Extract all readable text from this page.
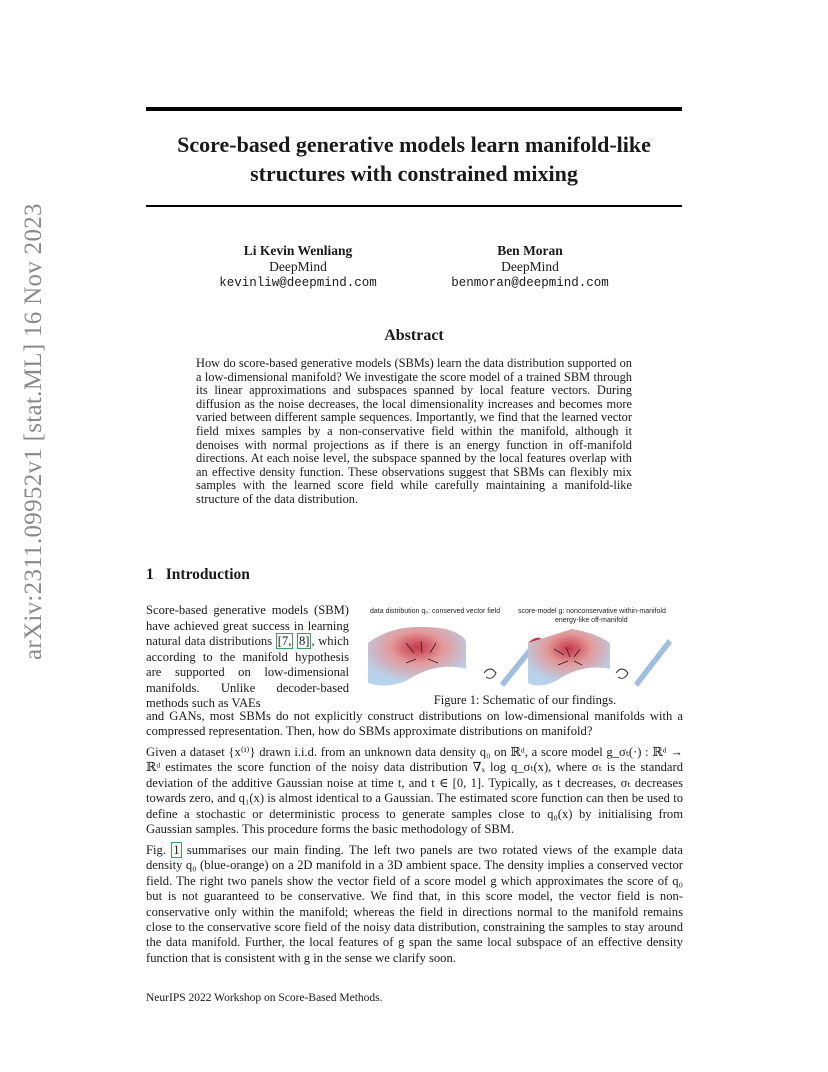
arXiv:2311.09952v1 [stat.ML] 16 Nov 2023
Score-based generative models learn manifold-like structures with constrained mixing
Li Kevin Wenliang
DeepMind
kevinliw@deepmind.com
Ben Moran
DeepMind
benmoran@deepmind.com
Abstract
How do score-based generative models (SBMs) learn the data distribution supported on a low-dimensional manifold? We investigate the score model of a trained SBM through its linear approximations and subspaces spanned by local feature vectors. During diffusion as the noise decreases, the local dimensionality increases and becomes more varied between different sample sequences. Importantly, we find that the learned vector field mixes samples by a non-conservative field within the manifold, although it denoises with normal projections as if there is an energy function in off-manifold directions. At each noise level, the subspace spanned by the local features overlap with an effective density function. These observations suggest that SBMs can flexibly mix samples with the learned score field while carefully maintaining a manifold-like structure of the data distribution.
1 Introduction
Score-based generative models (SBM) have achieved great success in learning natural data distributions [7, 8] , which according to the manifold hypothesis are supported on low-dimensional manifolds. Unlike decoder-based methods such as VAEs
data distribution q₀: conserved vector field	score-model g: nonconservative within-manifold
energy-like off-manifold
Figure 1: Schematic of our findings.
and GANs, most SBMs do not explicitly construct distributions on low-dimensional manifolds with a compressed representation. Then, how do SBMs approximate distributions on manifold?
Given a dataset {x⁽ⁱ⁾} drawn i.i.d. from an unknown data density q₀ on ℝᵈ, a score model g_σₜ(·) : ℝᵈ → ℝᵈ estimates the score function of the noisy data distribution ∇ₓ log q_σₜ(x), where σₜ is the standard deviation of the additive Gaussian noise at time t, and t ∈ [0, 1]. Typically, as t decreases, σₜ decreases towards zero, and q₁(x) is almost identical to a Gaussian. The estimated score function can then be used to define a stochastic or deterministic process to generate samples close to q₀(x) by initialising from Gaussian samples. This procedure forms the basic methodology of SBM.
Fig. 1 summarises our main finding. The left two panels are two rotated views of the example data density q₀ (blue-orange) on a 2D manifold in a 3D ambient space. The density implies a conserved vector field. The right two panels show the vector field of a score model g which approximates the score of q₀ but is not guaranteed to be conservative. We find that, in this score model, the vector field is non-conservative only within the manifold; whereas the field in directions normal to the manifold remains close to the conservative score field of the noisy data distribution, constraining the samples to stay around the data manifold. Further, the local features of g span the same local subspace of an effective density function that is consistent with g in the sense we clarify soon.
NeurIPS 2022 Workshop on Score-Based Methods.
